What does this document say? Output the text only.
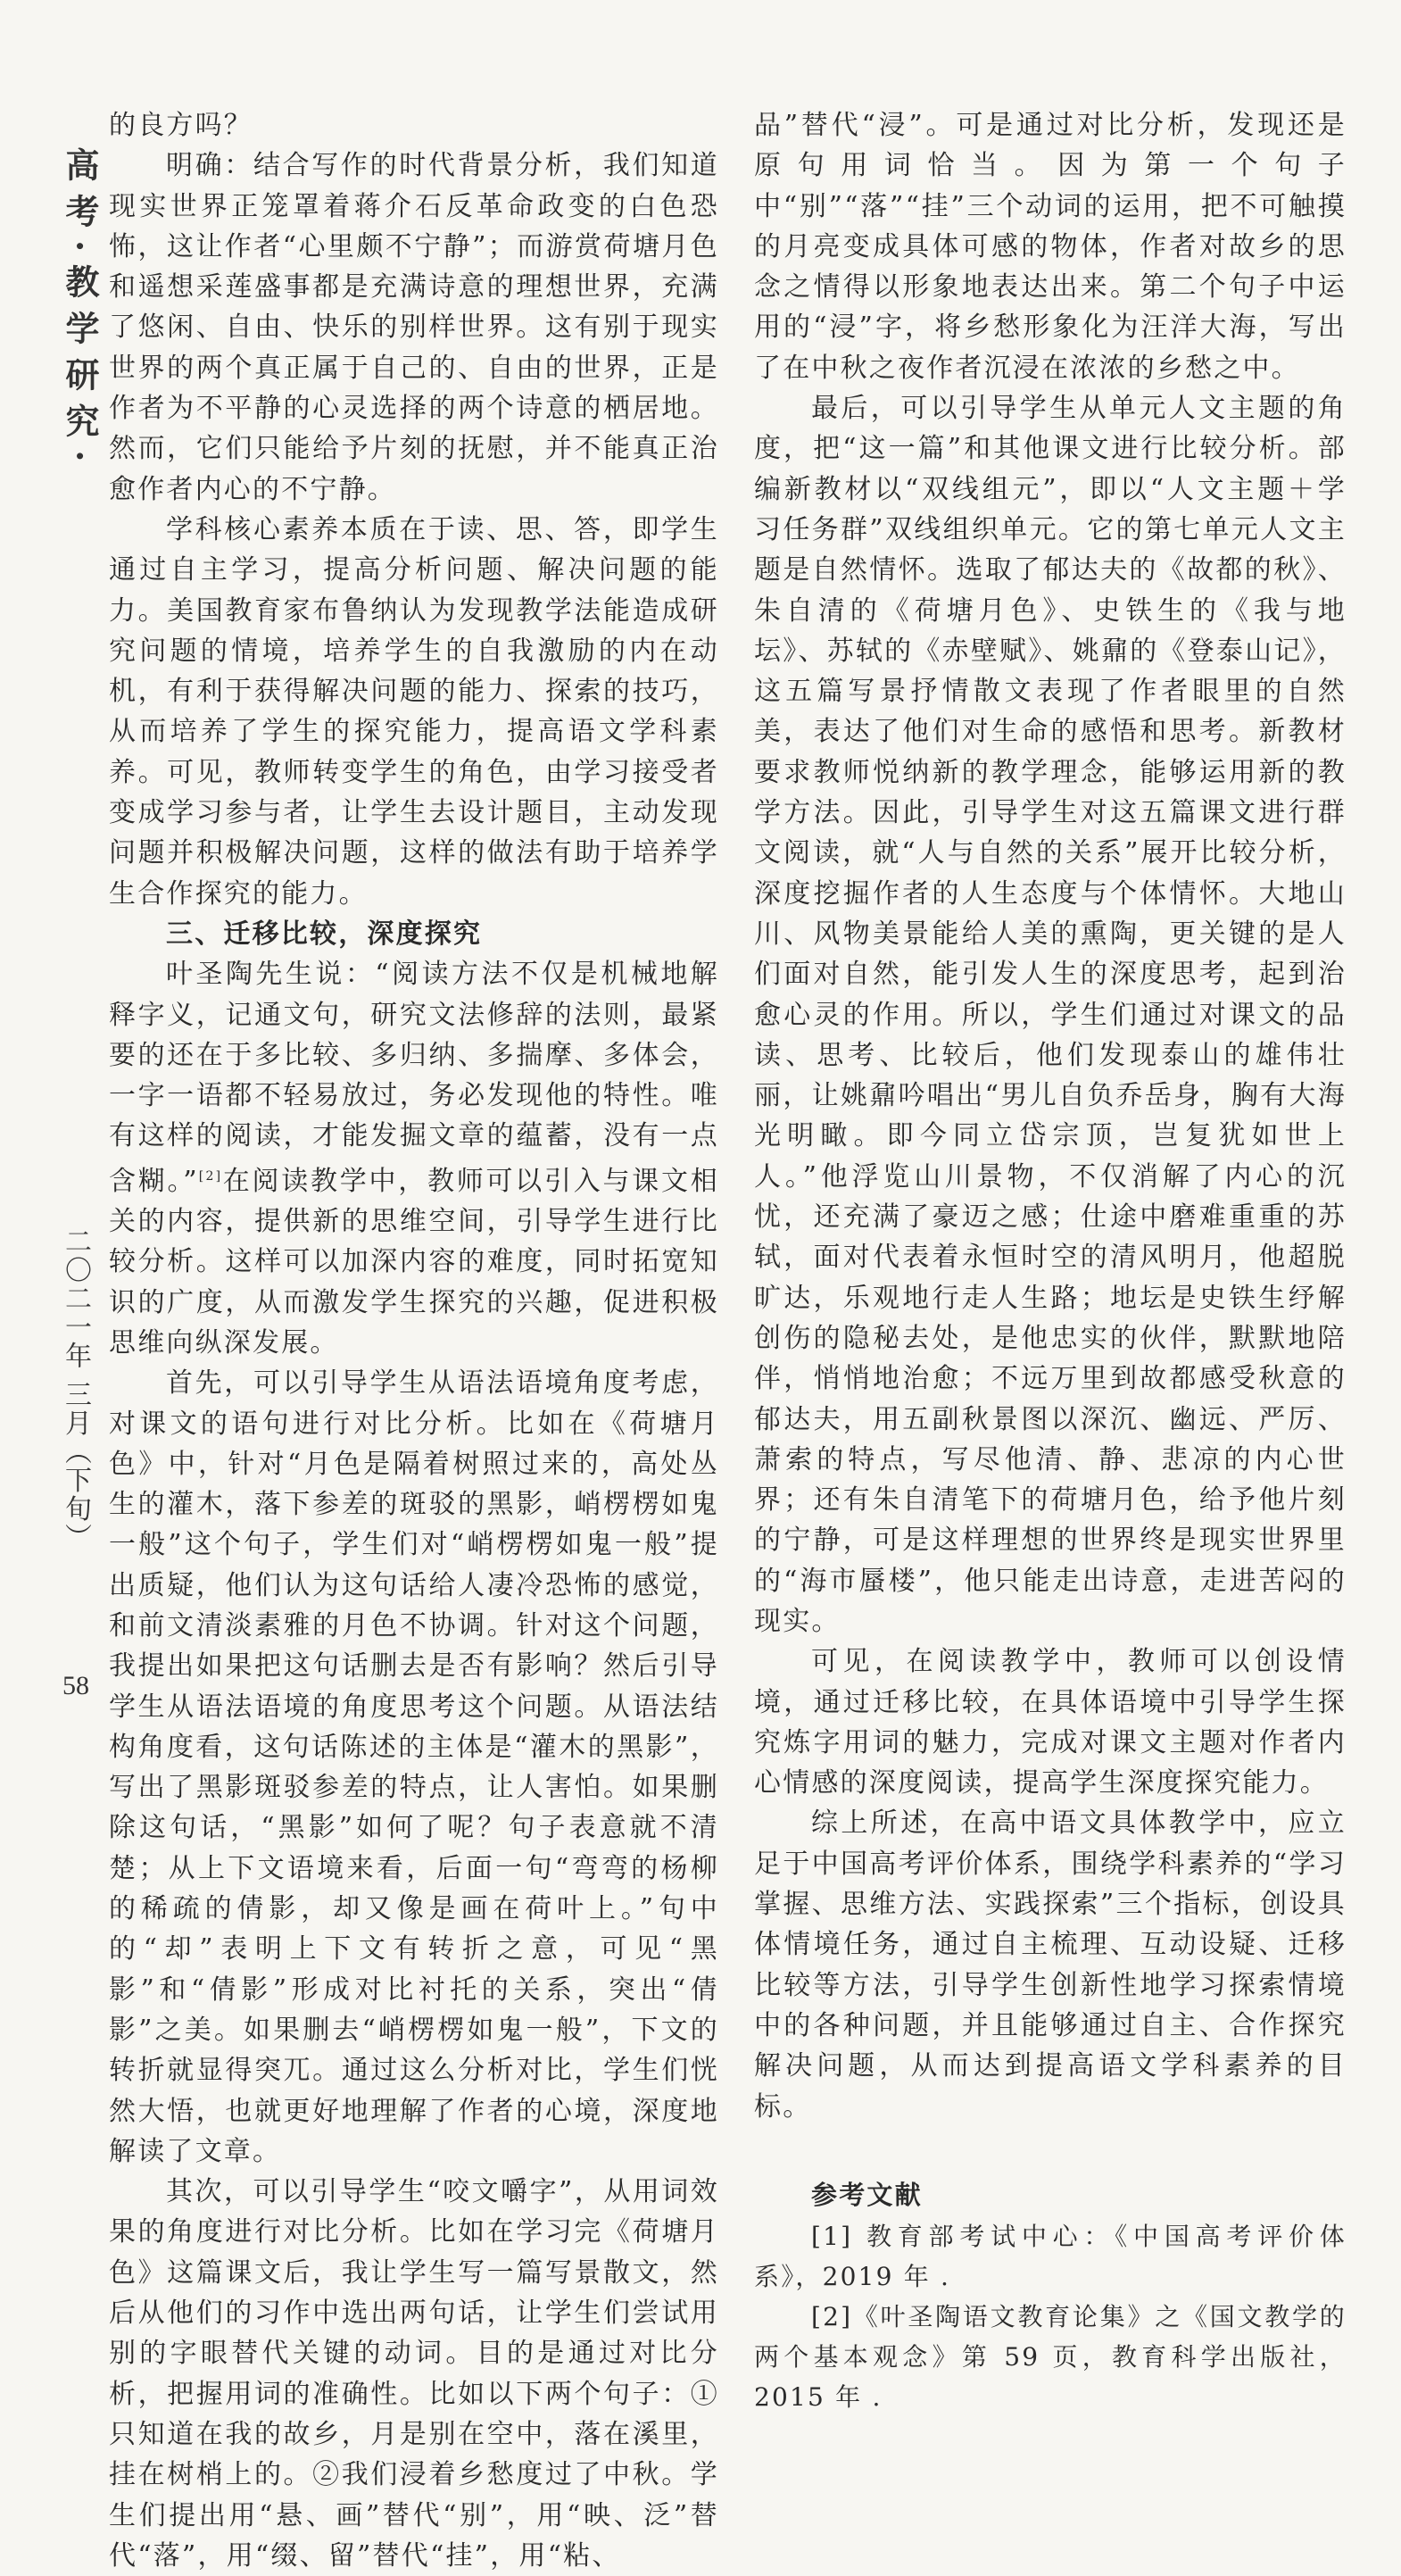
高考·教学研究·
二〇二一年 三月（下旬）
58

的良方吗？

明确：结合写作的时代背景分析，我们知道现实世界正笼罩着蒋介石反革命政变的白色恐怖，这让作者“心里颇不宁静”；而游赏荷塘月色和遥想采莲盛事都是充满诗意的理想世界，充满了悠闲、自由、快乐的别样世界。这有别于现实世界的两个真正属于自己的、自由的世界，正是作者为不平静的心灵选择的两个诗意的栖居地。然而，它们只能给予片刻的抚慰，并不能真正治愈作者内心的不宁静。

学科核心素养本质在于读、思、答，即学生通过自主学习，提高分析问题、解决问题的能力。美国教育家布鲁纳认为发现教学法能造成研究问题的情境，培养学生的自我激励的内在动机，有利于获得解决问题的能力、探索的技巧，从而培养了学生的探究能力，提高语文学科素养。可见，教师转变学生的角色，由学习接受者变成学习参与者，让学生去设计题目，主动发现问题并积极解决问题，这样的做法有助于培养学生合作探究的能力。

三、迁移比较，深度探究

叶圣陶先生说：“阅读方法不仅是机械地解释字义，记通文句，研究文法修辞的法则，最紧要的还在于多比较、多归纳、多揣摩、多体会，一字一语都不轻易放过，务必发现他的特性。唯有这样的阅读，才能发掘文章的蕴蓄，没有一点含糊。”[2]在阅读教学中，教师可以引入与课文相关的内容，提供新的思维空间，引导学生进行比较分析。这样可以加深内容的难度，同时拓宽知识的广度，从而激发学生探究的兴趣，促进积极思维向纵深发展。

首先，可以引导学生从语法语境角度考虑，对课文的语句进行对比分析。比如在《荷塘月色》中，针对“月色是隔着树照过来的，高处丛生的灌木，落下参差的斑驳的黑影，峭楞楞如鬼一般”这个句子，学生们对“峭楞楞如鬼一般”提出质疑，他们认为这句话给人凄冷恐怖的感觉，和前文清淡素雅的月色不协调。针对这个问题，我提出如果把这句话删去是否有影响？然后引导学生从语法语境的角度思考这个问题。从语法结构角度看，这句话陈述的主体是“灌木的黑影”，写出了黑影斑驳参差的特点，让人害怕。如果删除这句话，“黑影”如何了呢？句子表意就不清楚；从上下文语境来看，后面一句“弯弯的杨柳的稀疏的倩影，却又像是画在荷叶上。”句中的“却”表明上下文有转折之意，可见“黑影”和“倩影”形成对比衬托的关系，突出“倩影”之美。如果删去“峭楞楞如鬼一般”，下文的转折就显得突兀。通过这么分析对比，学生们恍然大悟，也就更好地理解了作者的心境，深度地解读了文章。

其次，可以引导学生“咬文嚼字”，从用词效果的角度进行对比分析。比如在学习完《荷塘月色》这篇课文后，我让学生写一篇写景散文，然后从他们的习作中选出两句话，让学生们尝试用别的字眼替代关键的动词。目的是通过对比分析，把握用词的准确性。比如以下两个句子：①只知道在我的故乡，月是别在空中，落在溪里，挂在树梢上的。②我们浸着乡愁度过了中秋。学生们提出用“悬、画”替代“别”，用“映、泛”替代“落”，用“缀、留”替代“挂”，用“粘、

品”替代“浸”。可是通过对比分析，发现还是原句用词恰当。因为第一个句子中“别”“落”“挂”三个动词的运用，把不可触摸的月亮变成具体可感的物体，作者对故乡的思念之情得以形象地表达出来。第二个句子中运用的“浸”字，将乡愁形象化为汪洋大海，写出了在中秋之夜作者沉浸在浓浓的乡愁之中。

最后，可以引导学生从单元人文主题的角度，把“这一篇”和其他课文进行比较分析。部编新教材以“双线组元”，即以“人文主题＋学习任务群”双线组织单元。它的第七单元人文主题是自然情怀。选取了郁达夫的《故都的秋》、朱自清的《荷塘月色》、史铁生的《我与地坛》、苏轼的《赤壁赋》、姚鼐的《登泰山记》，这五篇写景抒情散文表现了作者眼里的自然美，表达了他们对生命的感悟和思考。新教材要求教师悦纳新的教学理念，能够运用新的教学方法。因此，引导学生对这五篇课文进行群文阅读，就“人与自然的关系”展开比较分析，深度挖掘作者的人生态度与个体情怀。大地山川、风物美景能给人美的熏陶，更关键的是人们面对自然，能引发人生的深度思考，起到治愈心灵的作用。所以，学生们通过对课文的品读、思考、比较后，他们发现泰山的雄伟壮丽，让姚鼐吟唱出“男儿自负乔岳身，胸有大海光明瞰。即今同立岱宗顶，岂复犹如世上人。”他浮览山川景物，不仅消解了内心的沉忧，还充满了豪迈之感；仕途中磨难重重的苏轼，面对代表着永恒时空的清风明月，他超脱旷达，乐观地行走人生路；地坛是史铁生纾解创伤的隐秘去处，是他忠实的伙伴，默默地陪伴，悄悄地治愈；不远万里到故都感受秋意的郁达夫，用五副秋景图以深沉、幽远、严厉、萧索的特点，写尽他清、静、悲凉的内心世界；还有朱自清笔下的荷塘月色，给予他片刻的宁静，可是这样理想的世界终是现实世界里的“海市蜃楼”，他只能走出诗意，走进苦闷的现实。

可见，在阅读教学中，教师可以创设情境，通过迁移比较，在具体语境中引导学生探究炼字用词的魅力，完成对课文主题对作者内心情感的深度阅读，提高学生深度探究能力。

综上所述，在高中语文具体教学中，应立足于中国高考评价体系，围绕学科素养的“学习掌握、思维方法、实践探索”三个指标，创设具体情境任务，通过自主梳理、互动设疑、迁移比较等方法，引导学生创新性地学习探索情境中的各种问题，并且能够通过自主、合作探究解决问题，从而达到提高语文学科素养的目标。

参考文献

[1] 教育部考试中心：《中国高考评价体系》，2019 年 .

[2]《叶圣陶语文教育论集》之《国文教学的两个基本观念》第 59 页，教育科学出版社，2015 年 .
